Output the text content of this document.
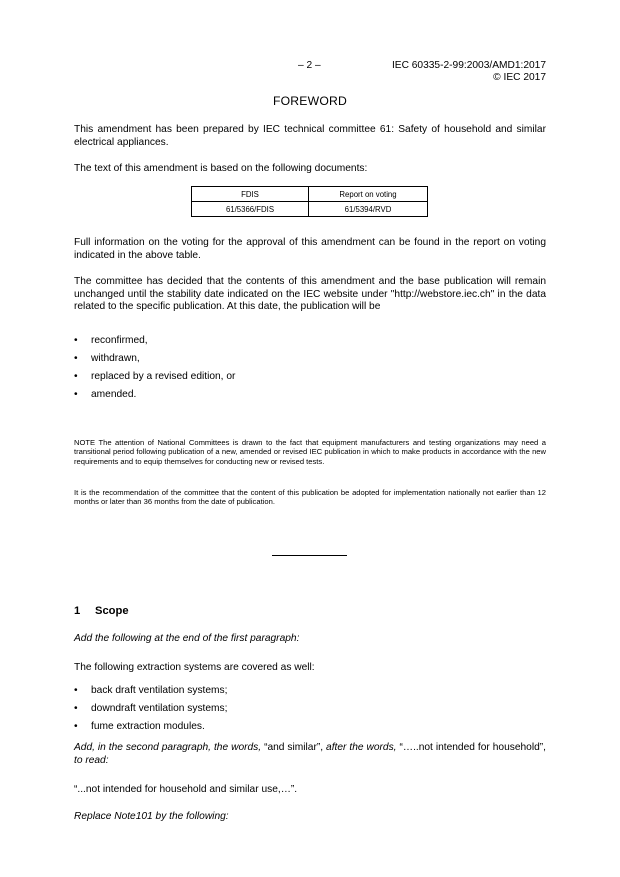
– 2 –	IEC 60335-2-99:2003/AMD1:2017
© IEC 2017
FOREWORD
This amendment has been prepared by IEC technical committee 61: Safety of household and similar electrical appliances.
The text of this amendment is based on the following documents:
FDIS	Report on voting
61/5366/FDIS	61/5394/RVD
Full information on the voting for the approval of this amendment can be found in the report on voting indicated in the above table.
The committee has decided that the contents of this amendment and the base publication will remain unchanged until the stability date indicated on the IEC website under "http://webstore.iec.ch" in the data related to the specific publication. At this date, the publication will be
• reconfirmed,
• withdrawn,
• replaced by a revised edition, or
• amended.
NOTE The attention of National Committees is drawn to the fact that equipment manufacturers and testing organizations may need a transitional period following publication of a new, amended or revised IEC publication in which to make products in accordance with the new requirements and to equip themselves for conducting new or revised tests.
It is the recommendation of the committee that the content of this publication be adopted for implementation nationally not earlier than 12 months or later than 36 months from the date of publication.
1 Scope
Add the following at the end of the first paragraph:
The following extraction systems are covered as well:
• back draft ventilation systems;
• downdraft ventilation systems;
• fume extraction modules.
Add, in the second paragraph, the words, “and similar”, after the words, “…..not intended for household”, to read:
“...not intended for household and similar use,…”.
Replace Note101 by the following:
